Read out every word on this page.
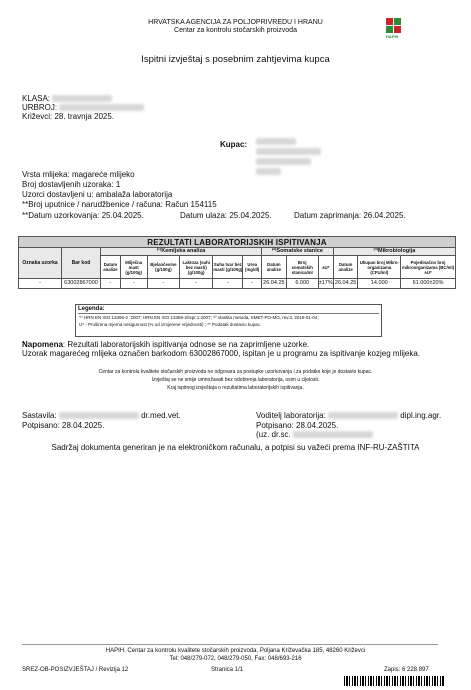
HRVATSKA AGENCIJA ZA POLJOPRIVREDU I HRANU
Centar za kontrolu stočarskih proizvoda
HAPIH
Ispitni izvještaj s posebnim zahtjevima kupca
KLASA:
URBROJ:
Križevci: 28. travnja 2025.
Kupac:
Vrsta mlijeka: magareće mlijeko
Broj dostavljenih uzoraka: 1
Uzorci dostavljeni u: ambalaža laboratorija
**Broj uputnice / narudžbenice / računa: Račun 154115
**Datum uzorkovanja: 25.04.2025.	Datum ulaza: 25.04.2025.	Datum zaprimanja: 26.04.2025.
REZULTATI LABORATORIJSKIH ISPITIVANJA													
Oznaka uzorka	Bar kod	⁽¹⁾Kemijska analiza						⁽²⁾Somatske stanice			⁽³⁾Mikrobiologija		
		Datum analize	Mliječna mast (g/100g)	Bjelančevine (g/100g)	Laktoza (suhi bez masti) (g/100g)	Suha tvar bez masti (g/100g)	Urea (mg/dl)	Datum analize	Broj somatskih stanica/ml	±U*	Datum analize	Ukupan broj Mikro-organizama (CFU/ml)	Pojedinačno broj mikroorganizama (BC/ml)±U*
-	63002867000	-	-	-	-	-	-	26.04.25	6.000	±17%	26.04.25	14.000	61.000±20%
Legenda:
⁽¹⁾ HRN EN ISO 13366-2 :2007; HRN EN ISO 13366-2/Ispr.1:2007; ⁽²⁾ vlastita metoda, SMET-PO-MO, rev.3, 2019-01-04;
U* - Proširena mjerna nesigurnost (% od izmjerene vrijednosti) ; ** Podatak dostavio kupac.
Napomena: Rezultati laboratorijskih ispitivanja odnose se na zaprimljene uzorke.
Uzorak magarećeg mlijeka označen barkodom 63002867000, ispitan je u programu za ispitivanje kozjeg mlijeka.
Centar za kontrolu kvalitete stočarskih proizvoda ne odgovara za postupke uzorkovanja i za podatke koje je dostavio kupac.
Izvještaj se ne smije umnožavati bez odobrenja laboratorija, osim u cijelosti.
Kraj ispitnog izvještaja o rezultatima laboratorijskih ispitivanja.
Sastavila:	dr.med.vet.
Potpisano: 28.04.2025.
Voditelj laboratorija:	dipl.ing.agr.
Potpisano: 28.04.2025.
(uz. dr.sc.
Sadržaj dokumenta generiran je na elektroničkom računalu, a potpisi su važeći prema INF-RU-ZAŠTITA
HAPIH, Centar za kontrolu kvalitete stočarskih proizvoda, Poljana Križevačka 185, 48260 Križevci
Tel: 048/279-072, 048/279-050, Fax: 048/693-216
SREZ-OB-POSIZVJEŠTAJ / Revizija 12	Stranica 1/1	Zapis: 6 228 897
